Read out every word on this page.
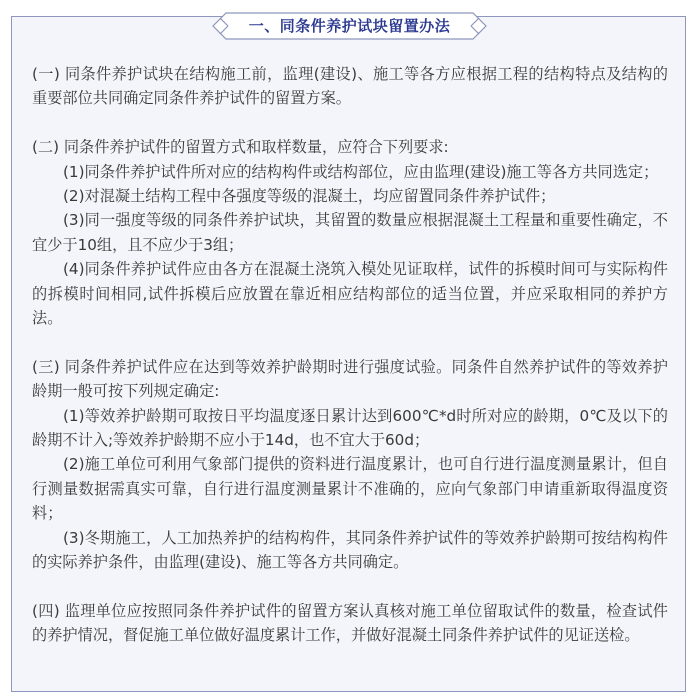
一、同条件养护试块留置办法

(一) 同条件养护试块在结构施工前，监理(建设)、施工等各方应根据工程的结构特点及结构的重要部位共同确定同条件养护试件的留置方案。

(二) 同条件养护试件的留置方式和取样数量，应符合下列要求:

(1)同条件养护试件所对应的结构构件或结构部位，应由监理(建设)施工等各方共同选定；

(2)对混凝土结构工程中各强度等级的混凝土，均应留置同条件养护试件；

(3)同一强度等级的同条件养护试块，其留置的数量应根据混凝土工程量和重要性确定，不宜少于10组，且不应少于3组；

(4)同条件养护试件应由各方在混凝土浇筑入模处见证取样，试件的拆模时间可与实际构件的拆模时间相同,试件拆模后应放置在靠近相应结构部位的适当位置，并应采取相同的养护方法。

(三) 同条件养护试件应在达到等效养护龄期时进行强度试验。同条件自然养护试件的等效养护龄期一般可按下列规定确定:

(1)等效养护龄期可取按日平均温度逐日累计达到600℃*d时所对应的龄期，0℃及以下的龄期不计入;等效养护龄期不应小于14d，也不宜大于60d；

(2)施工单位可利用气象部门提供的资料进行温度累计，也可自行进行温度测量累计，但自行测量数据需真实可靠，自行进行温度测量累计不准确的，应向气象部门申请重新取得温度资料；

(3)冬期施工，人工加热养护的结构构件，其同条件养护试件的等效养护龄期可按结构构件的实际养护条件，由监理(建设)、施工等各方共同确定。

(四) 监理单位应按照同条件养护试件的留置方案认真核对施工单位留取试件的数量，检查试件的养护情况，督促施工单位做好温度累计工作，并做好混凝土同条件养护试件的见证送检。
